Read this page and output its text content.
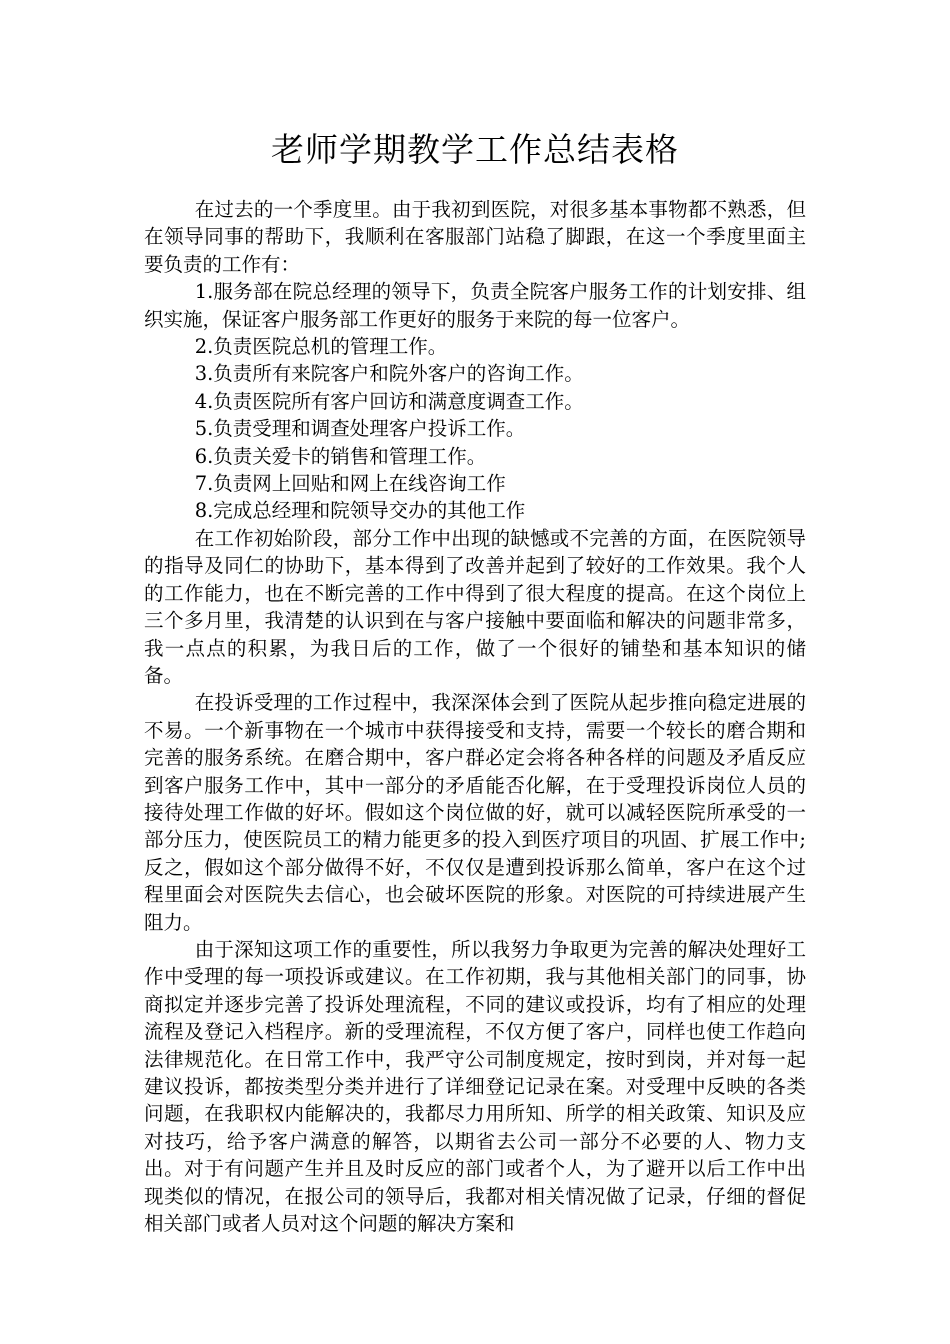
老师学期教学工作总结表格

在过去的一个季度里。由于我初到医院，对很多基本事物都不熟悉，但在领导同事的帮助下，我顺利在客服部门站稳了脚跟，在这一个季度里面主要负责的工作有：

1.服务部在院总经理的领导下，负责全院客户服务工作的计划安排、组织实施，保证客户服务部工作更好的服务于来院的每一位客户。

2.负责医院总机的管理工作。

3.负责所有来院客户和院外客户的咨询工作。

4.负责医院所有客户回访和满意度调查工作。

5.负责受理和调查处理客户投诉工作。

6.负责关爱卡的销售和管理工作。

7.负责网上回贴和网上在线咨询工作

8.完成总经理和院领导交办的其他工作

在工作初始阶段，部分工作中出现的缺憾或不完善的方面，在医院领导的指导及同仁的协助下，基本得到了改善并起到了较好的工作效果。我个人的工作能力，也在不断完善的工作中得到了很大程度的提高。在这个岗位上三个多月里，我清楚的认识到在与客户接触中要面临和解决的问题非常多，我一点点的积累，为我日后的工作，做了一个很好的铺垫和基本知识的储备。

在投诉受理的工作过程中，我深深体会到了医院从起步推向稳定进展的不易。一个新事物在一个城市中获得接受和支持，需要一个较长的磨合期和完善的服务系统。在磨合期中，客户群必定会将各种各样的问题及矛盾反应到客户服务工作中，其中一部分的矛盾能否化解，在于受理投诉岗位人员的接待处理工作做的好坏。假如这个岗位做的好，就可以减轻医院所承受的一部分压力，使医院员工的精力能更多的投入到医疗项目的巩固、扩展工作中;反之，假如这个部分做得不好，不仅仅是遭到投诉那么简单，客户在这个过程里面会对医院失去信心，也会破坏医院的形象。对医院的可持续进展产生阻力。

由于深知这项工作的重要性，所以我努力争取更为完善的解决处理好工作中受理的每一项投诉或建议。在工作初期，我与其他相关部门的同事，协商拟定并逐步完善了投诉处理流程，不同的建议或投诉，均有了相应的处理流程及登记入档程序。新的受理流程，不仅方便了客户，同样也使工作趋向法律规范化。在日常工作中，我严守公司制度规定，按时到岗，并对每一起建议投诉，都按类型分类并进行了详细登记记录在案。对受理中反映的各类问题，在我职权内能解决的，我都尽力用所知、所学的相关政策、知识及应对技巧，给予客户满意的解答，以期省去公司一部分不必要的人、物力支出。对于有问题产生并且及时反应的部门或者个人，为了避开以后工作中出现类似的情况，在报公司的领导后，我都对相关情况做了记录，仔细的督促相关部门或者人员对这个问题的解决方案和
